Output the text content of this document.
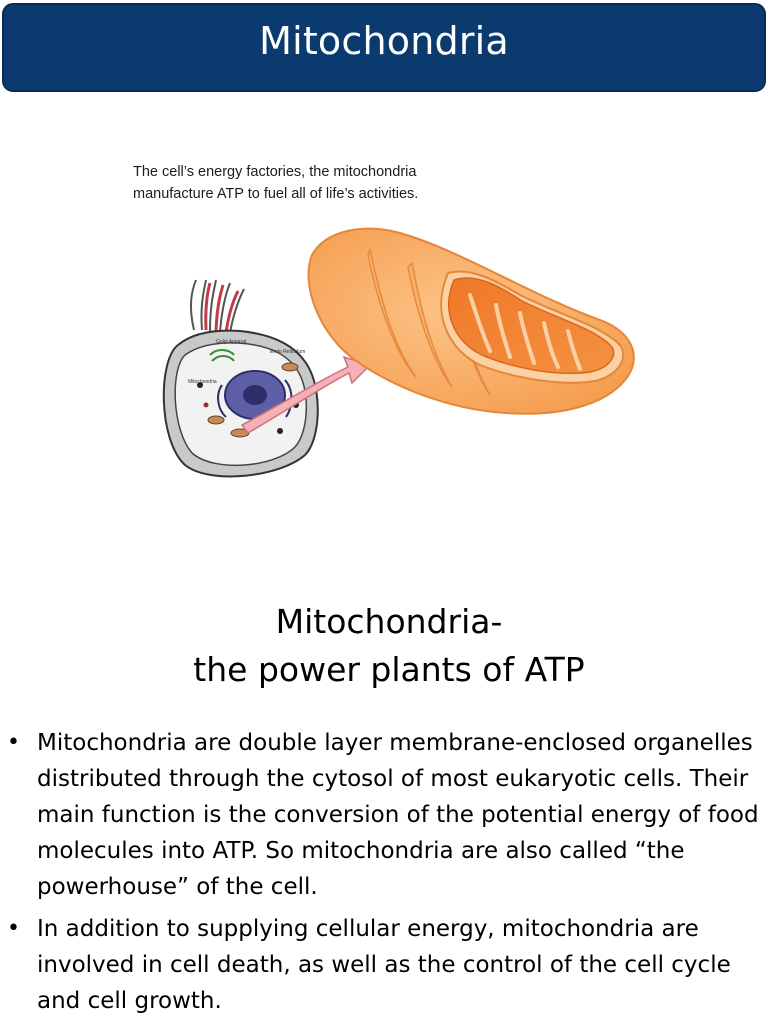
Mitochondria
The cell’s energy factories, the mitochondria manufacture ATP to fuel all of life’s activities.
Golgi Apparat
Endo Reticulum
Mitochondria
Mitochondria-
the power plants of ATP
• Mitochondria are double layer membrane-enclosed organelles distributed through the cytosol of most eukaryotic cells. Their main function is the conversion of the potential energy of food molecules into ATP. So mitochondria are also called “the powerhouse” of the cell.
• In addition to supplying cellular energy, mitochondria are involved in cell death, as well as the control of the cell cycle and cell growth.
